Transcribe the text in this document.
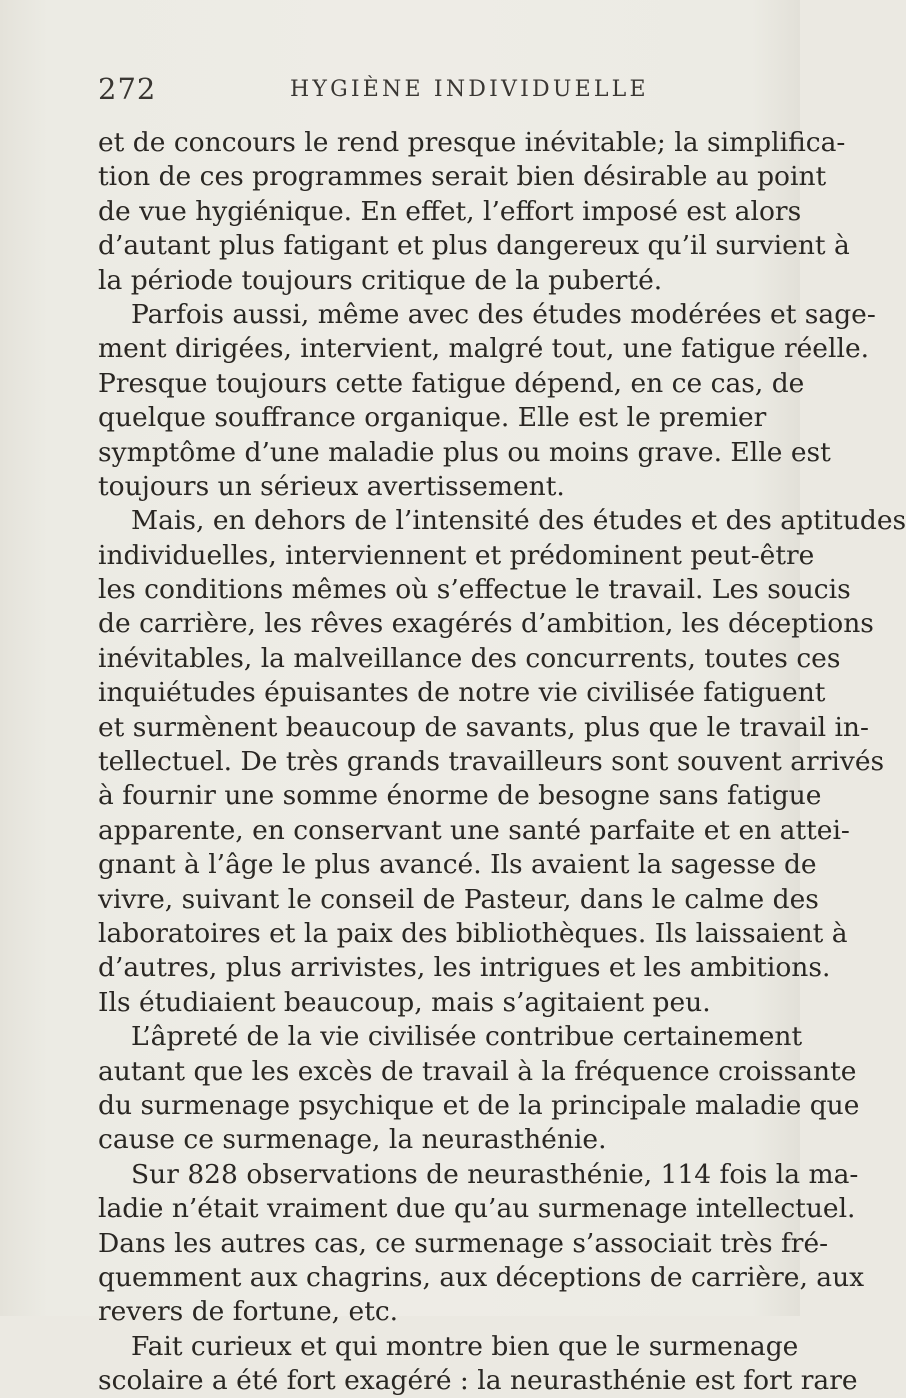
272	HYGIÈNE INDIVIDUELLE
et de concours le rend presque inévitable; la simplifica-
tion de ces programmes serait bien désirable au point
de vue hygiénique. En effet, l’effort imposé est alors
d’autant plus fatigant et plus dangereux qu’il survient à
la période toujours critique de la puberté.
Parfois aussi, même avec des études modérées et sage-
ment dirigées, intervient, malgré tout, une fatigue réelle.
Presque toujours cette fatigue dépend, en ce cas, de
quelque souffrance organique. Elle est le premier
symptôme d’une maladie plus ou moins grave. Elle est
toujours un sérieux avertissement.
Mais, en dehors de l’intensité des études et des aptitudes
individuelles, interviennent et prédominent peut-être
les conditions mêmes où s’effectue le travail. Les soucis
de carrière, les rêves exagérés d’ambition, les déceptions
inévitables, la malveillance des concurrents, toutes ces
inquiétudes épuisantes de notre vie civilisée fatiguent
et surmènent beaucoup de savants, plus que le travail in-
tellectuel. De très grands travailleurs sont souvent arrivés
à fournir une somme énorme de besogne sans fatigue
apparente, en conservant une santé parfaite et en attei-
gnant à l’âge le plus avancé. Ils avaient la sagesse de
vivre, suivant le conseil de Pasteur, dans le calme des
laboratoires et la paix des bibliothèques. Ils laissaient à
d’autres, plus arrivistes, les intrigues et les ambitions.
Ils étudiaient beaucoup, mais s’agitaient peu.
L’âpreté de la vie civilisée contribue certainement
autant que les excès de travail à la fréquence croissante
du surmenage psychique et de la principale maladie que
cause ce surmenage, la neurasthénie.
Sur 828 observations de neurasthénie, 114 fois la ma-
ladie n’était vraiment due qu’au surmenage intellectuel.
Dans les autres cas, ce surmenage s’associait très fré-
quemment aux chagrins, aux déceptions de carrière, aux
revers de fortune, etc.
Fait curieux et qui montre bien que le surmenage
scolaire a été fort exagéré : la neurasthénie est fort rare
